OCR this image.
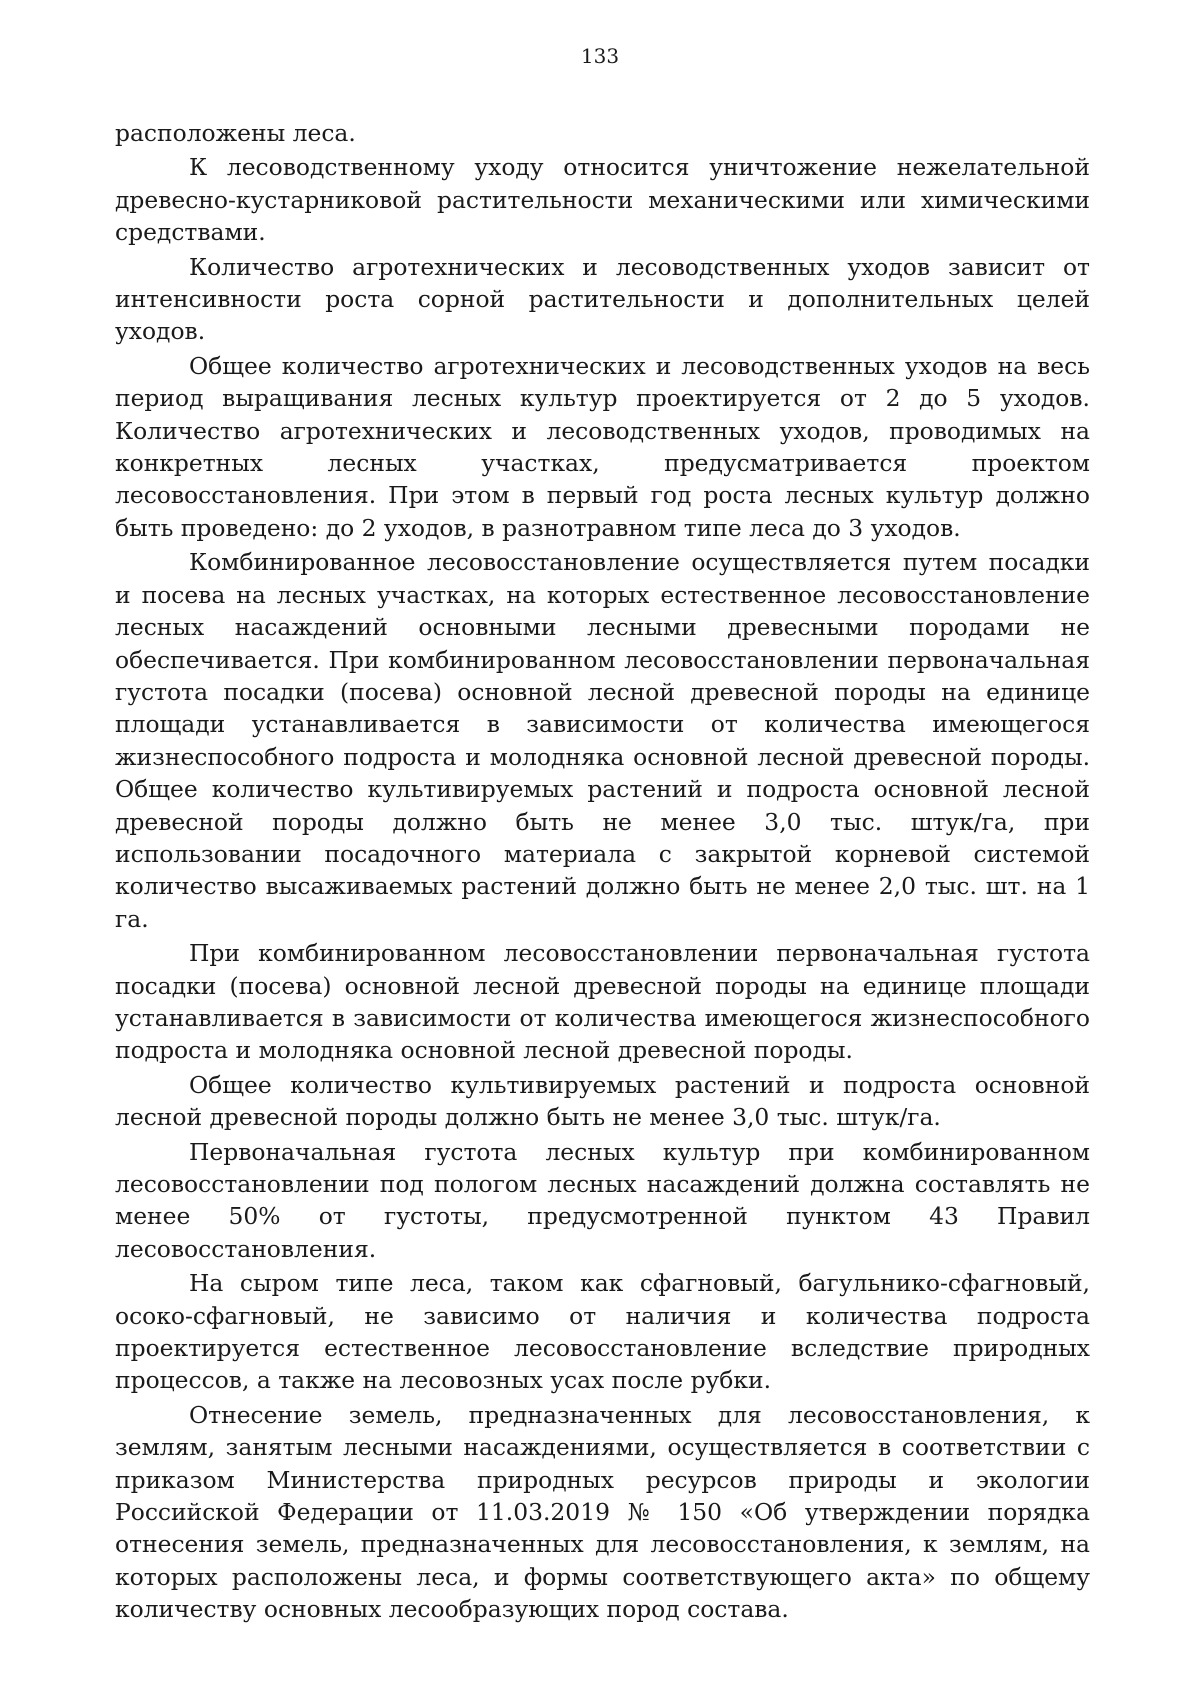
133

расположены леса.

К лесоводственному уходу относится уничтожение нежелательной древесно-кустарниковой растительности механическими или химическими средствами.

Количество агротехнических и лесоводственных уходов зависит от интенсивности роста сорной растительности и дополнительных целей уходов.

Общее количество агротехнических и лесоводственных уходов на весь период выращивания лесных культур проектируется от 2 до 5 уходов. Количество агротехнических и лесоводственных уходов, проводимых на конкретных лесных участках, предусматривается проектом лесовосстановления. При этом в первый год роста лесных культур должно быть проведено: до 2 уходов, в разнотравном типе леса до 3 уходов.

Комбинированное лесовосстановление осуществляется путем посадки и посева на лесных участках, на которых естественное лесовосстановление лесных насаждений основными лесными древесными породами не обеспечивается. При комбинированном лесовосстановлении первоначальная густота посадки (посева) основной лесной древесной породы на единице площади устанавливается в зависимости от количества имеющегося жизнеспособного подроста и молодняка основной лесной древесной породы. Общее количество культивируемых растений и подроста основной лесной древесной породы должно быть не менее 3,0 тыс. штук/га, при использовании посадочного материала с закрытой корневой системой количество высаживаемых растений должно быть не менее 2,0 тыс. шт. на 1 га.

При комбинированном лесовосстановлении первоначальная густота посадки (посева) основной лесной древесной породы на единице площади устанавливается в зависимости от количества имеющегося жизнеспособного подроста и молодняка основной лесной древесной породы.

Общее количество культивируемых растений и подроста основной лесной древесной породы должно быть не менее 3,0 тыс. штук/га.

Первоначальная густота лесных культур при комбинированном лесовосстановлении под пологом лесных насаждений должна составлять не менее 50% от густоты, предусмотренной пунктом 43 Правил лесовосстановления.

На сыром типе леса, таком как сфагновый, багульнико-сфагновый, осоко-сфагновый, не зависимо от наличия и количества подроста проектируется естественное лесовосстановление вследствие природных процессов, а также на лесовозных усах после рубки.

Отнесение земель, предназначенных для лесовосстановления, к землям, занятым лесными насаждениями, осуществляется в соответствии с приказом Министерства природных ресурсов природы и экологии Российской Федерации от 11.03.2019 № 150 «Об утверждении порядка отнесения земель, предназначенных для лесовосстановления, к землям, на которых расположены леса, и формы соответствующего акта» по общему количеству основных лесообразующих пород состава.
